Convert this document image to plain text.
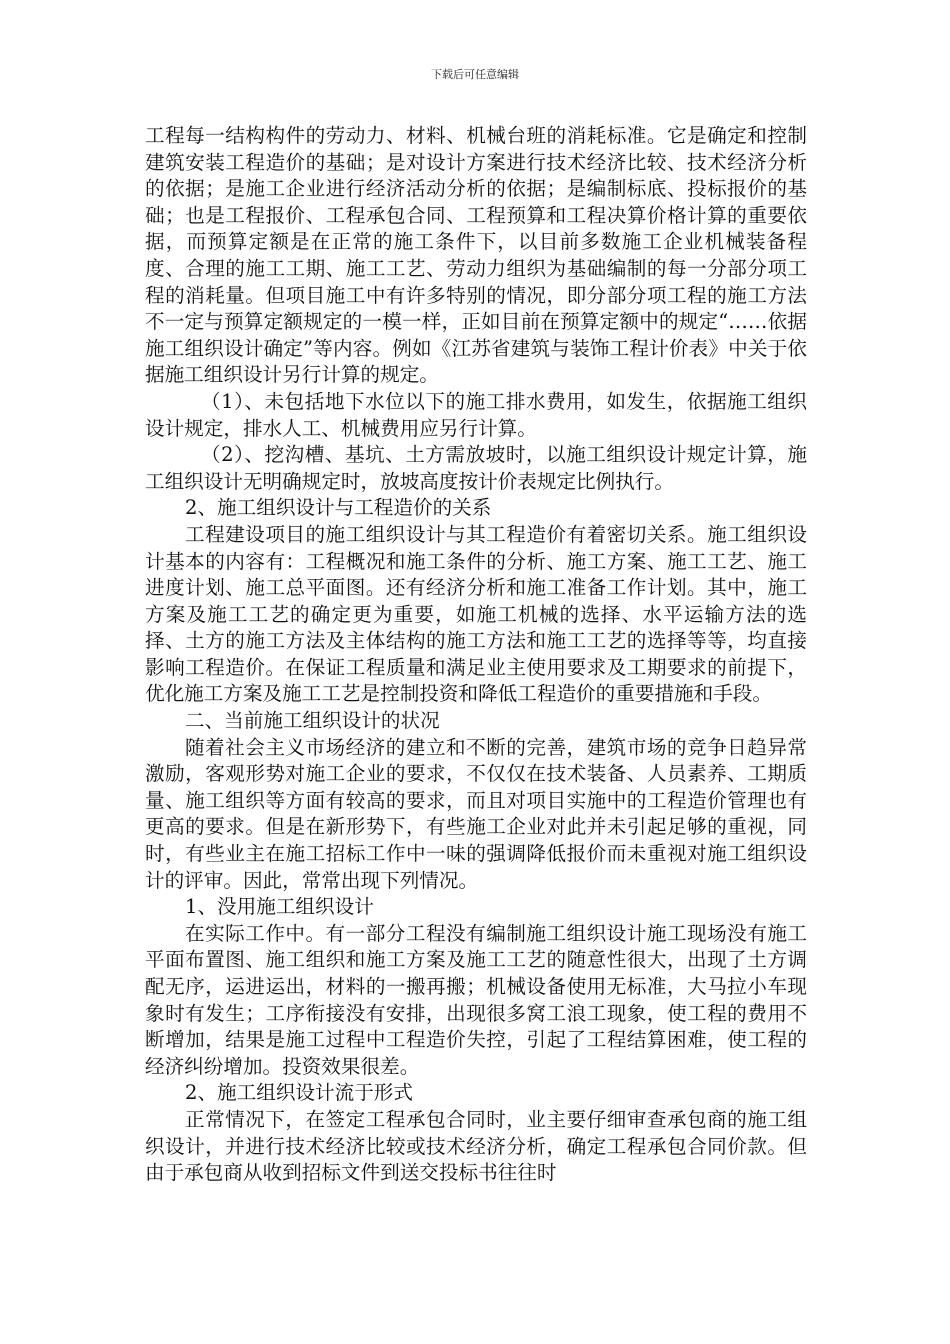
下载后可任意编辑

工程每一结构构件的劳动力、材料、机械台班的消耗标准。它是确定和控制建筑安装工程造价的基础；是对设计方案进行技术经济比较、技术经济分析的依据；是施工企业进行经济活动分析的依据；是编制标底、投标报价的基础；也是工程报价、工程承包合同、工程预算和工程决算价格计算的重要依据，而预算定额是在正常的施工条件下，以目前多数施工企业机械装备程度、合理的施工工期、施工工艺、劳动力组织为基础编制的每一分部分项工程的消耗量。但项目施工中有许多特别的情况，即分部分项工程的施工方法不一定与预算定额规定的一模一样，正如目前在预算定额中的规定“……依据施工组织设计确定”等内容。例如《江苏省建筑与装饰工程计价表》中关于依据施工组织设计另行计算的规定。

（1）、未包括地下水位以下的施工排水费用，如发生，依据施工组织设计规定，排水人工、机械费用应另行计算。

（2）、挖沟槽、基坑、土方需放坡时，以施工组织设计规定计算，施工组织设计无明确规定时，放坡高度按计价表规定比例执行。

2、施工组织设计与工程造价的关系

工程建设项目的施工组织设计与其工程造价有着密切关系。施工组织设计基本的内容有：工程概况和施工条件的分析、施工方案、施工工艺、施工进度计划、施工总平面图。还有经济分析和施工准备工作计划。其中，施工方案及施工工艺的确定更为重要，如施工机械的选择、水平运输方法的选择、土方的施工方法及主体结构的施工方法和施工工艺的选择等等，均直接影响工程造价。在保证工程质量和满足业主使用要求及工期要求的前提下，优化施工方案及施工工艺是控制投资和降低工程造价的重要措施和手段。

二、当前施工组织设计的状况

随着社会主义市场经济的建立和不断的完善，建筑市场的竞争日趋异常激励，客观形势对施工企业的要求，不仅仅在技术装备、人员素养、工期质量、施工组织等方面有较高的要求，而且对项目实施中的工程造价管理也有更高的要求。但是在新形势下，有些施工企业对此并未引起足够的重视，同时，有些业主在施工招标工作中一味的强调降低报价而未重视对施工组织设计的评审。因此，常常出现下列情况。

1、没用施工组织设计

在实际工作中。有一部分工程没有编制施工组织设计施工现场没有施工平面布置图、施工组织和施工方案及施工工艺的随意性很大，出现了土方调配无序，运进运出，材料的一搬再搬；机械设备使用无标准，大马拉小车现象时有发生；工序衔接没有安排，出现很多窝工浪工现象，使工程的费用不断增加，结果是施工过程中工程造价失控，引起了工程结算困难，使工程的经济纠纷增加。投资效果很差。

2、施工组织设计流于形式

正常情况下，在签定工程承包合同时，业主要仔细审查承包商的施工组织设计，并进行技术经济比较或技术经济分析，确定工程承包合同价款。但由于承包商从收到招标文件到送交投标书往往时
